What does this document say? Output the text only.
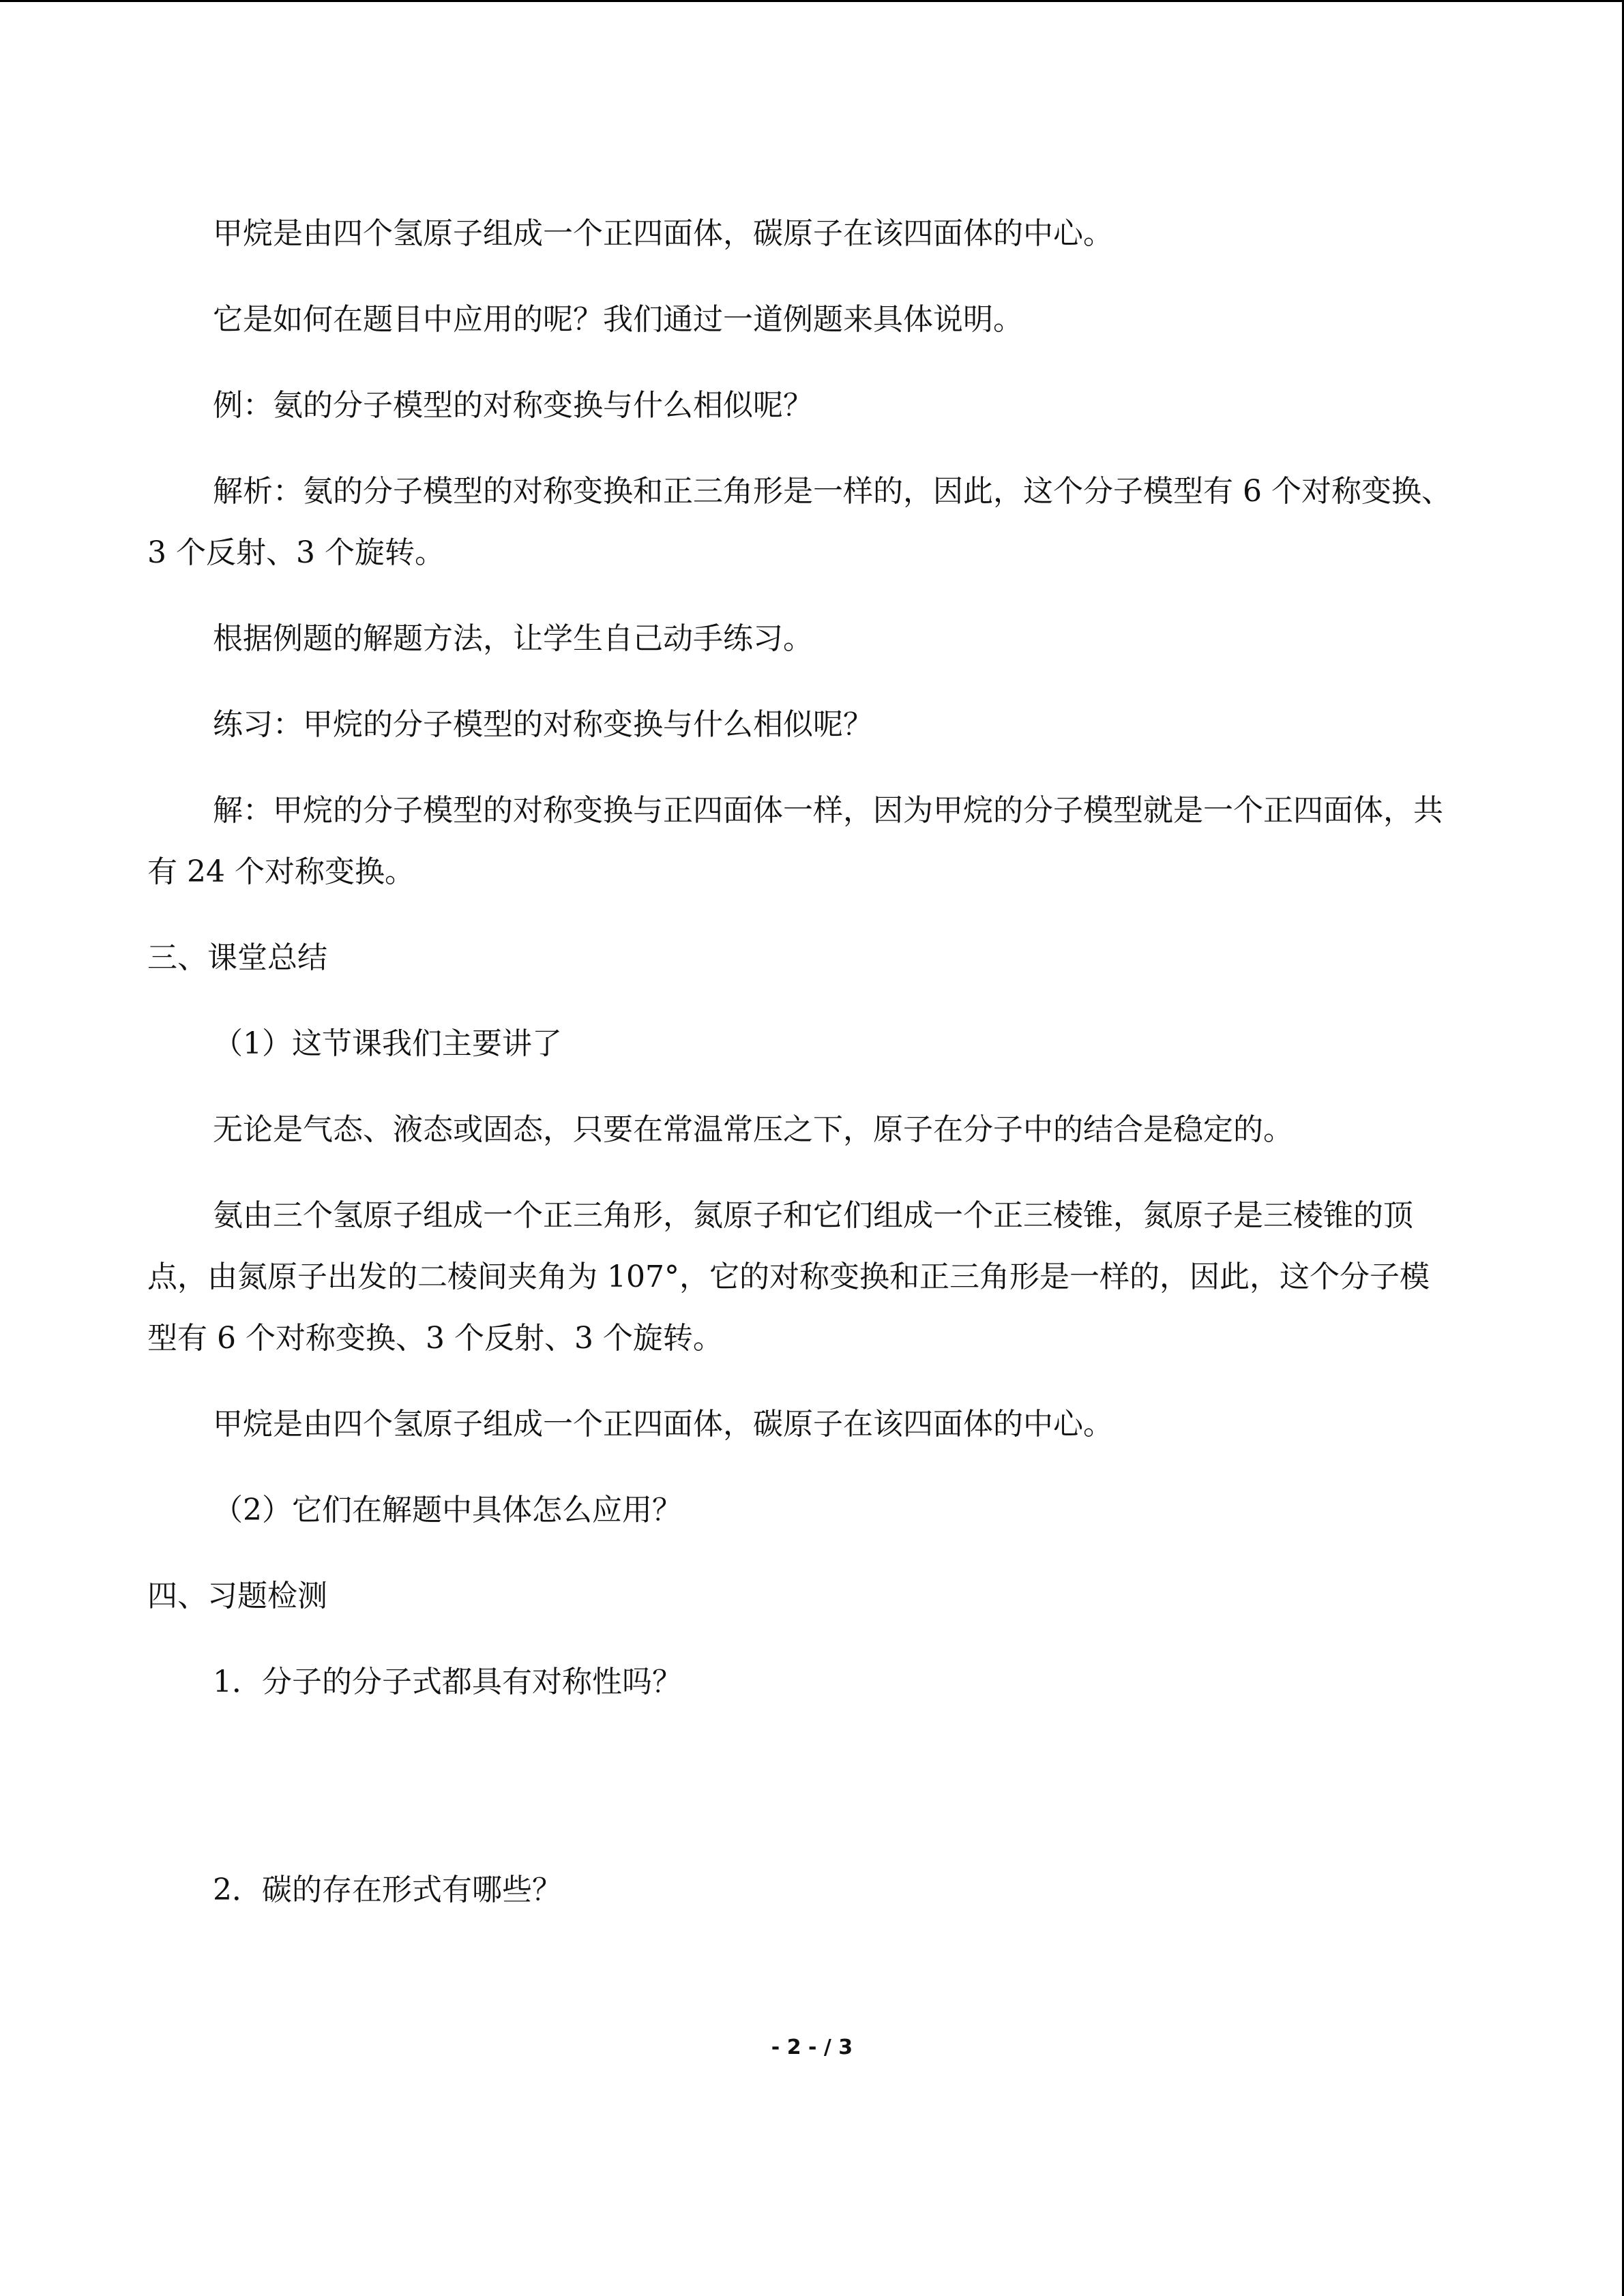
甲烷是由四个氢原子组成一个正四面体，碳原子在该四面体的中心。

它是如何在题目中应用的呢？我们通过一道例题来具体说明。

例：氨的分子模型的对称变换与什么相似呢？

解析：氨的分子模型的对称变换和正三角形是一样的，因此，这个分子模型有 6 个对称变换、3 个反射、3 个旋转。

根据例题的解题方法，让学生自己动手练习。

练习：甲烷的分子模型的对称变换与什么相似呢？

解：甲烷的分子模型的对称变换与正四面体一样，因为甲烷的分子模型就是一个正四面体，共有 24 个对称变换。

三、课堂总结

（1）这节课我们主要讲了

无论是气态、液态或固态，只要在常温常压之下，原子在分子中的结合是稳定的。

氨由三个氢原子组成一个正三角形，氮原子和它们组成一个正三棱锥，氮原子是三棱锥的顶点，由氮原子出发的二棱间夹角为 107°，它的对称变换和正三角形是一样的，因此，这个分子模型有 6 个对称变换、3 个反射、3 个旋转。

甲烷是由四个氢原子组成一个正四面体，碳原子在该四面体的中心。

（2）它们在解题中具体怎么应用？

四、习题检测

1．分子的分子式都具有对称性吗？

2．碳的存在形式有哪些？

- 2 - / 3
